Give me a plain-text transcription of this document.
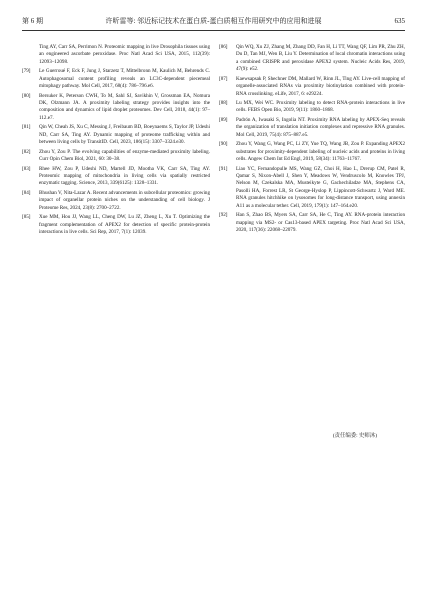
第 6 期	许昕雷等: 邻近标记技术在蛋白质-蛋白质相互作用研究中的应用和进展	635
Ting AY, Carr SA, Perrimon N. Proteomic mapping in live Drosophila tissues using an engineered ascorbate peroxidase. Proc Natl Acad Sci USA, 2015, 112(39): 12093–12098.
[79] Le Guerroué F, Eck F, Jung J, Starzetz T, Mittelbronn M, Kaulich M, Behrends C. Autophagosomal content profiling reveals an LC3C-dependent piecemeal mitophagy pathway. Mol Cell, 2017, 68(4): 786–796.e6.
[80] Bersuker K, Peterson CWH, To M, Sahl SJ, Savikhin V, Grossman EA, Nomura DK, Olzmann JA. A proximity labeling strategy provides insights into the composition and dynamics of lipid droplet proteomes. Dev Cell, 2018, 44(1): 97–112.e7.
[81] Qin W, Cheah JS, Xu C, Messing J, Freibaum BD, Boeynaems S, Taylor JP, Udeshi ND, Carr SA, Ting AY. Dynamic mapping of proteome trafficking within and between living cells by TransitID. Cell, 2023, 186(15): 3307–3324.e30.
[82] Zhou Y, Zou P. The evolving capabilities of enzyme-mediated proximity labeling. Curr Opin Chem Biol, 2021, 60: 30–38.
[83] Rhee HW, Zou P, Udeshi ND, Martell JD, Mootha VK, Carr SA, Ting AY. Proteomic mapping of mitochondria in living cells via spatially restricted enzymatic tagging. Science, 2013, 339(6125): 1328–1331.
[84] Bhushan V, Nita-Lazar A. Recent advancements in subcellular proteomics: growing impact of organellar protein niches on the understanding of cell biology. J Proteome Res, 2024, 23(8): 2700–2722.
[85] Xue MM, Hou JJ, Wang LL, Cheng DW, Lu JZ, Zheng L, Xu T. Optimizing the fragment complementation of APEX2 for detection of specific protein-protein interactions in live cells. Sci Rep, 2017, 7(1): 12039.
[86] Qin WQ, Xu ZJ, Zhang M, Zhang DD, Fan H, Li TT, Wang QF, Lim PR, Zhu ZH, Du D, Tan MJ, Wen B, Liu Y. Determination of local chromatin interactions using a combined CRISPR and peroxidase APEX2 system. Nucleic Acids Res, 2019, 47(9): e52.
[87] Kaewsapsak P, Shechner DM, Mallard W, Rinn JL, Ting AY. Live-cell mapping of organelle-associated RNAs via proximity biotinylation combined with protein-RNA crosslinking. eLife, 2017, 6: e29224.
[88] Lu MX, Wei WC. Proximity labeling to detect RNA-protein interactions in live cells. FEBS Open Bio, 2019, 9(11): 1860–1868.
[89] Padrón A, Iwasaki S, Ingolia NT. Proximity RNA labeling by APEX-Seq reveals the organization of translation initiation complexes and repressive RNA granules. Mol Cell, 2019, 75(4): 875–887.e5.
[90] Zhou Y, Wang G, Wang PC, Li ZY, Yue TQ, Wang JB, Zou P. Expanding APEX2 substrates for proximity-dependent labeling of nucleic acids and proteins in living cells. Angew Chem Int Ed Engl, 2019, 58(34): 11763–11767.
[91] Liao YC, Fernandopulle MS, Wang GZ, Choi H, Hao L, Drerup CM, Patel R, Qamar S, Nixon-Abell J, Shen Y, Meadows W, Vendruscolo M, Knowles TPJ, Nelson M, Czekalska MA, Musteikyte G, Gachechiladze MA, Stephens CA, Pasolli HA, Forrest LR, St George-Hyslop P, Lippincott-Schwartz J, Ward ME. RNA granules hitchhike on lysosomes for long-distance transport, using annexin A11 as a molecular tether. Cell, 2019, 179(1): 147–164.e20.
[92] Han S, Zhao BS, Myers SA, Carr SA, He C, Ting AY. RNA-protein interaction mapping via MS2- or Cas13-based APEX targeting. Proc Natl Acad Sci USA, 2020, 117(36): 22068–22079.
(责任编委: 史师沐)
